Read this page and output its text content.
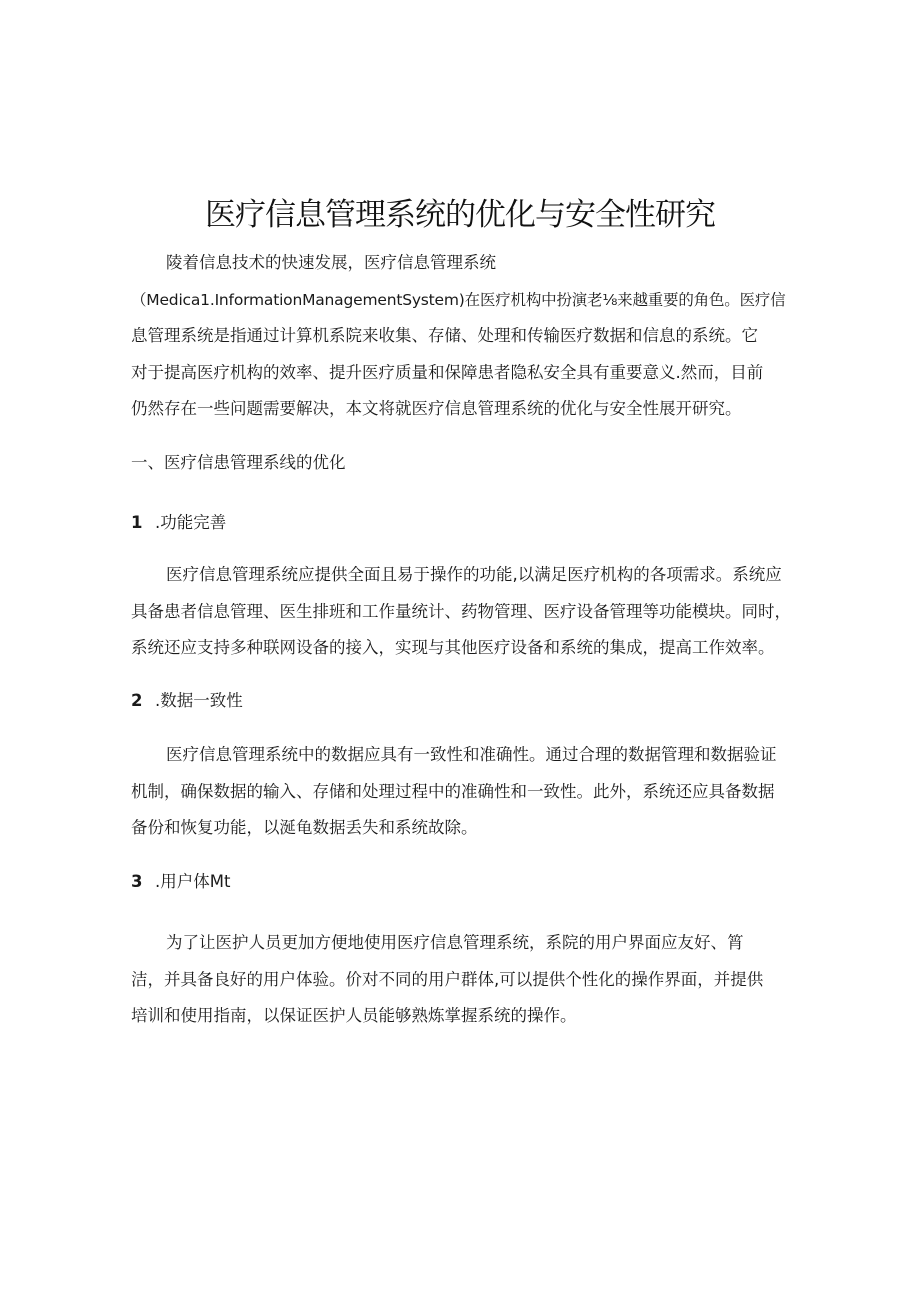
医疗信息管理系统的优化与安全性研究
陵着信息技术的快速发展，医疗信息管理系统
（Medica1.InformationManagementSystem)在医疗机构中扮演老⅛来越重要的角色。医疗信
息管理系统是指通过计算机系院来收集、存储、处理和传输医疗数据和信息的系统。它
对于提高医疗机构的效率、提升医疗质量和保障患者隐私安全具有重要意义.然而，目前
仍然存在一些问题需要解决，本文将就医疗信息管理系统的优化与安全性展开研究。
一、医疗信患管理系线的优化
1 .功能完善
医疗信息管理系统应提供全面且易于操作的功能,以满足医疗机构的各项需求。系统应
具备患者信息管理、医生排班和工作量统计、药物管理、医疗设备管理等功能模块。同时，
系统还应支持多种联网设备的接入，实现与其他医疗设备和系统的集成，提高工作效率。
2 .数据一致性
医疗信息管理系统中的数据应具有一致性和准确性。通过合理的数据管理和数据验证
机制，确保数据的输入、存储和处理过程中的准确性和一致性。此外，系统还应具备数据
备份和恢复功能，以涎龟数据丢失和系统故除。
3 .用户体Mt
为了让医护人员更加方便地使用医疗信息管理系统，系院的用户界面应友好、筲
洁，并具备良好的用户体验。价对不同的用户群体,可以提供个性化的操作界面，并提供
培训和使用指南，以保证医护人员能够熟炼掌握系统的操作。
